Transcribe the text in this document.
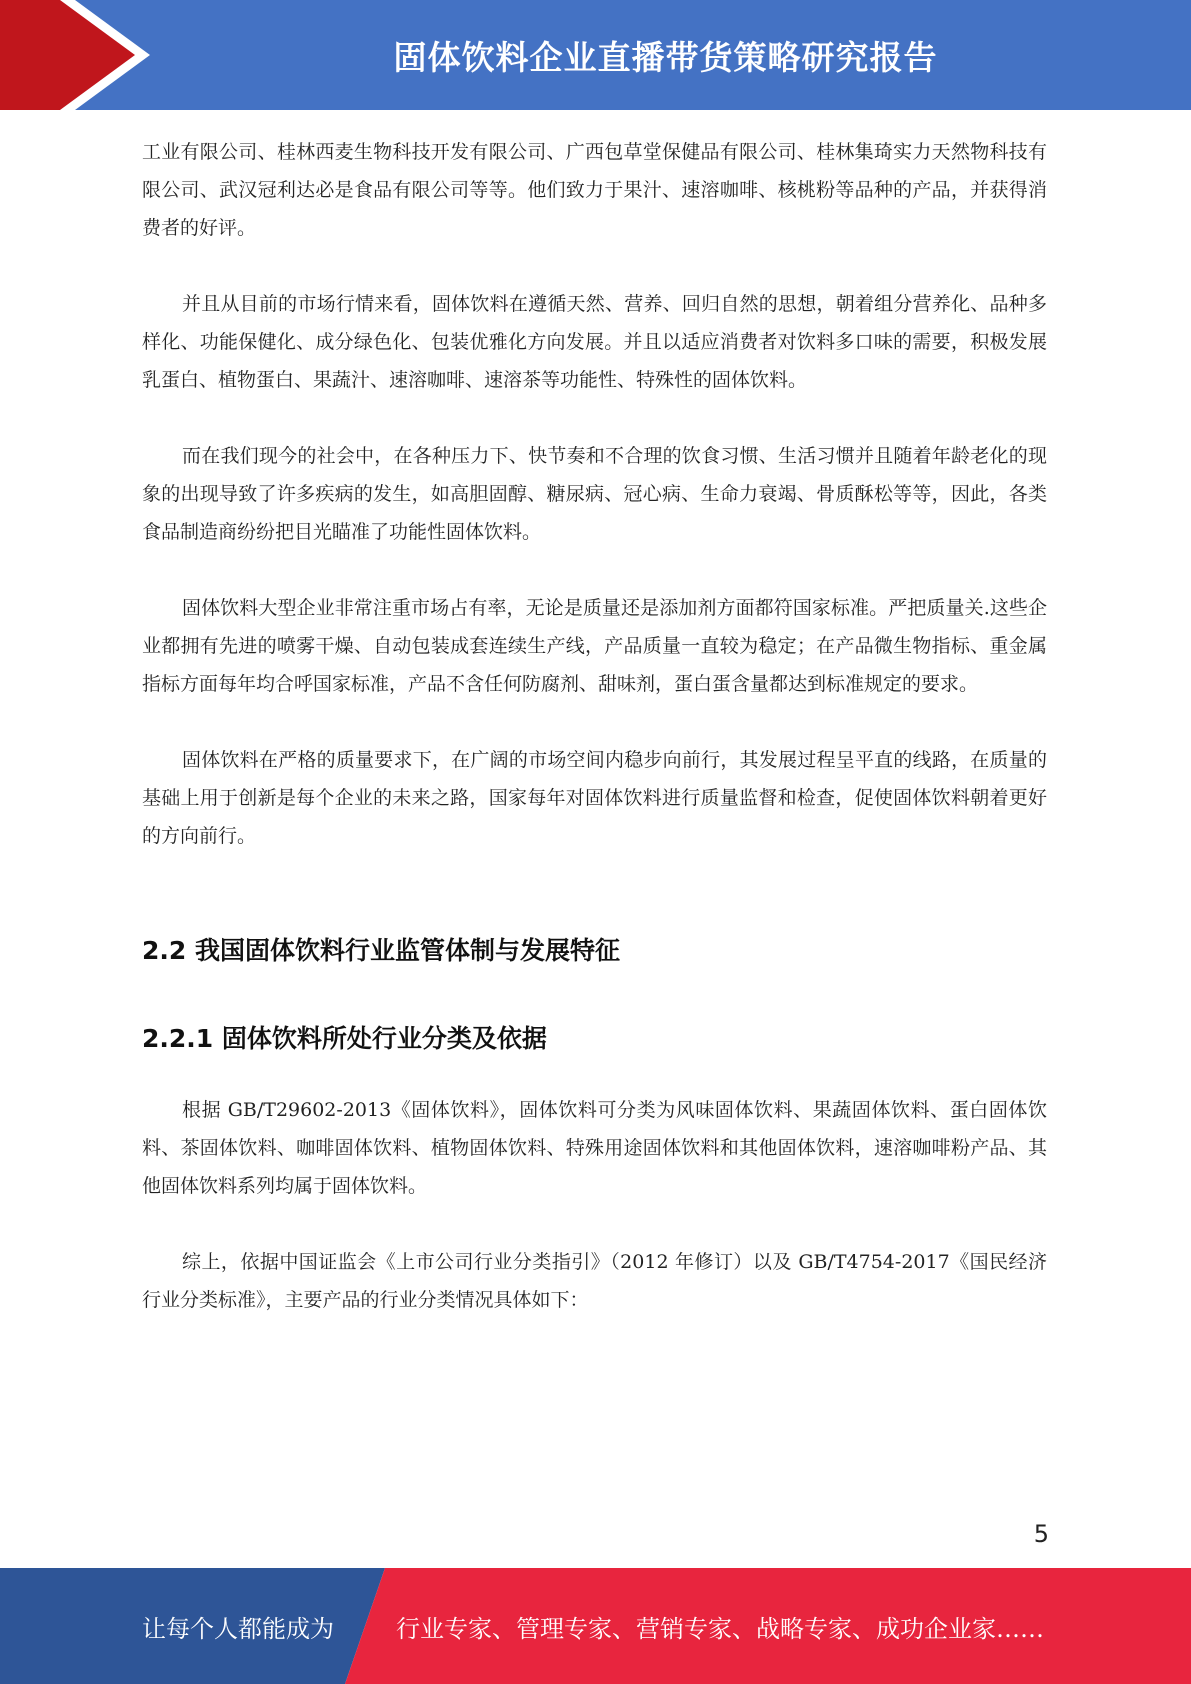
固体饮料企业直播带货策略研究报告

工业有限公司、桂林西麦生物科技开发有限公司、广西包草堂保健品有限公司、桂林集琦实力天然物科技有限公司、武汉冠利达必是食品有限公司等等。他们致力于果汁、速溶咖啡、核桃粉等品种的产品，并获得消费者的好评。

并且从目前的市场行情来看，固体饮料在遵循天然、营养、回归自然的思想，朝着组分营养化、品种多样化、功能保健化、成分绿色化、包装优雅化方向发展。并且以适应消费者对饮料多口味的需要，积极发展乳蛋白、植物蛋白、果蔬汁、速溶咖啡、速溶茶等功能性、特殊性的固体饮料。

而在我们现今的社会中，在各种压力下、快节奏和不合理的饮食习惯、生活习惯并且随着年龄老化的现象的出现导致了许多疾病的发生，如高胆固醇、糖尿病、冠心病、生命力衰竭、骨质酥松等等，因此，各类食品制造商纷纷把目光瞄准了功能性固体饮料。

固体饮料大型企业非常注重市场占有率，无论是质量还是添加剂方面都符国家标准。严把质量关.这些企业都拥有先进的喷雾干燥、自动包装成套连续生产线，产品质量一直较为稳定；在产品微生物指标、重金属指标方面每年均合呼国家标准，产品不含任何防腐剂、甜味剂，蛋白蛋含量都达到标准规定的要求。

固体饮料在严格的质量要求下，在广阔的市场空间内稳步向前行，其发展过程呈平直的线路，在质量的基础上用于创新是每个企业的未来之路，国家每年对固体饮料进行质量监督和检查，促使固体饮料朝着更好的方向前行。

2.2 我国固体饮料行业监管体制与发展特征
2.2.1 固体饮料所处行业分类及依据

根据 GB/T29602-2013《固体饮料》，固体饮料可分类为风味固体饮料、果蔬固体饮料、蛋白固体饮料、茶固体饮料、咖啡固体饮料、植物固体饮料、特殊用途固体饮料和其他固体饮料，速溶咖啡粉产品、其他固体饮料系列均属于固体饮料。

综上，依据中国证监会《上市公司行业分类指引》（2012 年修订）以及 GB/T4754-2017《国民经济行业分类标准》，主要产品的行业分类情况具体如下：

5
让每个人都能成为	行业专家、管理专家、营销专家、战略专家、成功企业家……
